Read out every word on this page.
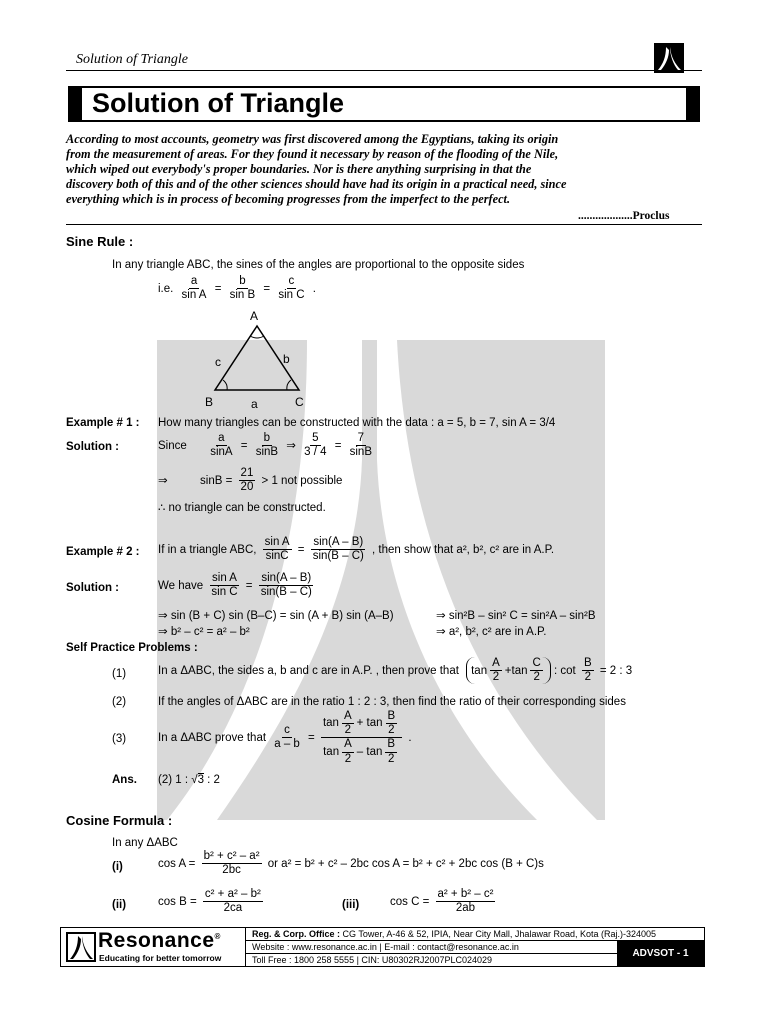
Solution of Triangle
Solution of Triangle
According to most accounts, geometry was first discovered among the Egyptians, taking its origin
from the measurement of areas. For they found it necessary by reason of the flooding of the Nile,
which wiped out everybody's proper boundaries. Nor is there anything surprising in that the
discovery both of this and of the other sciences should have had its origin in a practical need, since
everything which is in process of becoming progresses from the imperfect to the perfect.
...................Proclus
Sine Rule :
In any triangle ABC, the sines of the angles are proportional to the opposite sides
i.e. $\frac{a}{\text{sin A}} = \frac{b}{\text{sin B}} = \frac{c}{\text{sin C}}$ .
A
B	C
a
b
c
Example # 1 : How many triangles can be constructed with the data : a = 5, b = 7, sin A = 3/4
Solution :	Since $\frac{a}{\sin A} = \frac{b}{\sin B}$ ⇒ $\frac{5}{3 / 4} = \frac{7}{\sin B}$
⇒	$\sin B = \frac{21}{20} > 1$ not possible
∴ no triangle can be constructed.
Example # 2 : If in a triangle ABC, $\frac{\text{sin A}}{\sin C} = \frac{\sin(A - B)}{\sin(B - C)}$ , then show that a², b², c² are in A.P.
Solution :	We have $\frac{\text{sin A}}{\text{sin C}} = \frac{\sin(A - B)}{\sin(B - C)}$
⇒ sin (B + C) sin (B–C) = sin (A + B) sin (A–B)	⇒ sin²B – sin² C = sin²A – sin²B
⇒ b² – c² = a² – b²	⇒ a², b², c² are in A.P.
Self Practice Problems :
(1)	In a ΔABC, the sides a, b and c are in A.P. , then prove that $\tan \frac{A}{2} +\tan \frac{C}{2}$ : $\cot \frac{B}{2} = 2$ : 3
(2)	If the angles of ΔABC are in the ratio 1 : 2 : 3, then find the ratio of their corresponding sides
(3)	In a ΔABC prove that $\frac{c}{a - b} = \frac{\tan \frac{A}{2} + \tan \frac{B}{2}}{\tan \frac{A}{2} - \tan \frac{B}{2}}$ .
Ans. (2) 1 : √3 : 2
Cosine Formula :
In any ΔABC
(i)	$\cos A = \frac{\text{b² + c² – a²}}{2bc}$ or a² = b² + c² – 2bc cos A = b² + c² + 2bc cos (B + C)s
(ii)	$\cos B = \frac{\text{c² + a² – b²}}{2ca}$	(iii)	$\cos C = \frac{\text{a² + b² – c²}}{2ab}$
Resonance®
Educating for better tomorrow
Reg. & Corp. Office : CG Tower, A-46 & 52, IPIA, Near City Mall, Jhalawar Road, Kota (Raj.)-324005
Website : www.resonance.ac.in | E-mail : contact@resonance.ac.in
Toll Free : 1800 258 5555 | CIN: U80302RJ2007PLC024029
ADVSOT - 1
